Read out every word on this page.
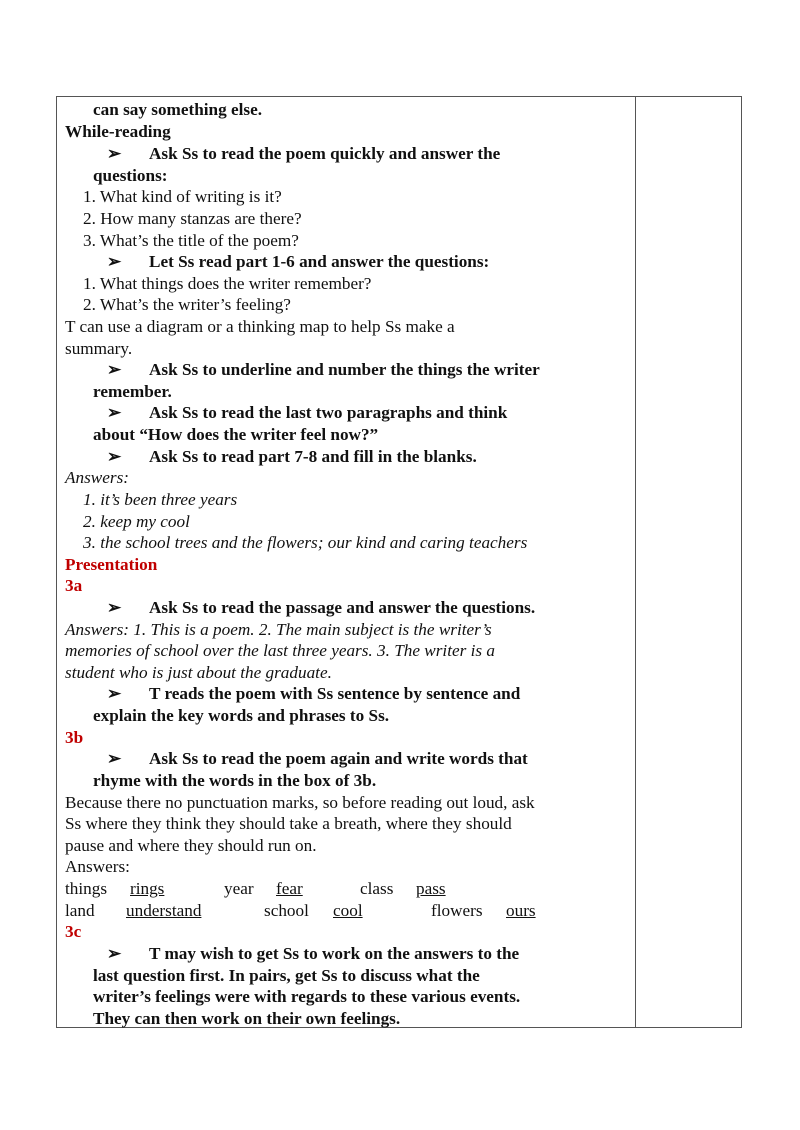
can say something else.
While-reading
➢ Ask Ss to read the poem quickly and answer the
questions:
1. What kind of writing is it?
2. How many stanzas are there?
3. What’s the title of the poem?
➢ Let Ss read part 1-6 and answer the questions:
1. What things does the writer remember?
2. What’s the writer’s feeling?
T can use a diagram or a thinking map to help Ss make a
summary.
➢ Ask Ss to underline and number the things the writer
remember.
➢ Ask Ss to read the last two paragraphs and think
about “How does the writer feel now?”
➢ Ask Ss to read part 7-8 and fill in the blanks.
Answers:
1. it’s been three years
2. keep my cool
3. the school trees and the flowers; our kind and caring teachers
Presentation
3a
➢ Ask Ss to read the passage and answer the questions.
Answers: 1. This is a poem. 2. The main subject is the writer’s
memories of school over the last three years. 3. The writer is a
student who is just about the graduate.
➢ T reads the poem with Ss sentence by sentence and
explain the key words and phrases to Ss.
3b
➢ Ask Ss to read the poem again and write words that
rhyme with the words in the box of 3b.
Because there no punctuation marks, so before reading out loud, ask
Ss where they think they should take a breath, where they should
pause and where they should run on.
Answers:
things rings	year fear	class pass
land understand	school cool	flowers ours
3c
➢ T may wish to get Ss to work on the answers to the
last question first. In pairs, get Ss to discuss what the
writer’s feelings were with regards to these various events.
They can then work on their own feelings.
